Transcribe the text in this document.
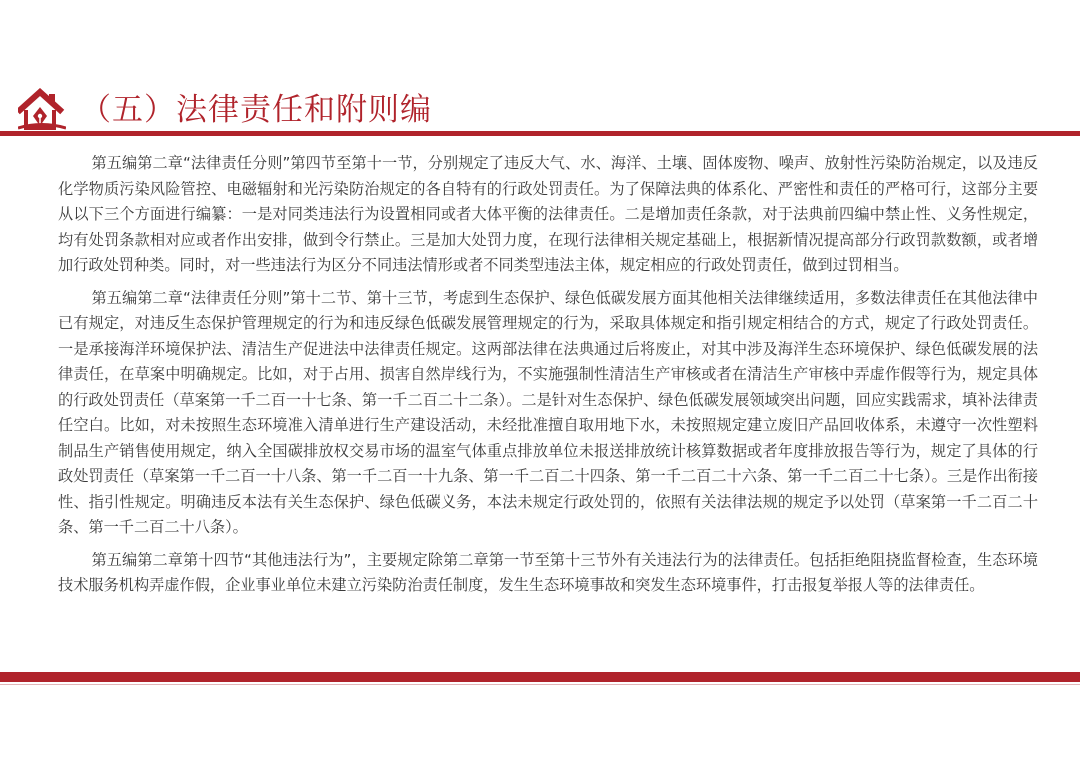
（五）法律责任和附则编

第五编第二章“法律责任分则”第四节至第十一节，分别规定了违反大气、水、海洋、土壤、固体废物、噪声、放射性污染防治规定，以及违反化学物质污染风险管控、电磁辐射和光污染防治规定的各自特有的行政处罚责任。为了保障法典的体系化、严密性和责任的严格可行，这部分主要从以下三个方面进行编纂：一是对同类违法行为设置相同或者大体平衡的法律责任。二是增加责任条款，对于法典前四编中禁止性、义务性规定，均有处罚条款相对应或者作出安排，做到令行禁止。三是加大处罚力度，在现行法律相关规定基础上，根据新情况提高部分行政罚款数额，或者增加行政处罚种类。同时，对一些违法行为区分不同违法情形或者不同类型违法主体，规定相应的行政处罚责任，做到过罚相当。

第五编第二章“法律责任分则”第十二节、第十三节，考虑到生态保护、绿色低碳发展方面其他相关法律继续适用，多数法律责任在其他法律中已有规定，对违反生态保护管理规定的行为和违反绿色低碳发展管理规定的行为，采取具体规定和指引规定相结合的方式，规定了行政处罚责任。一是承接海洋环境保护法、清洁生产促进法中法律责任规定。这两部法律在法典通过后将废止，对其中涉及海洋生态环境保护、绿色低碳发展的法律责任，在草案中明确规定。比如，对于占用、损害自然岸线行为，不实施强制性清洁生产审核或者在清洁生产审核中弄虚作假等行为，规定具体的行政处罚责任（草案第一千二百一十七条、第一千二百二十二条）。二是针对生态保护、绿色低碳发展领域突出问题，回应实践需求，填补法律责任空白。比如，对未按照生态环境准入清单进行生产建设活动，未经批准擅自取用地下水，未按照规定建立废旧产品回收体系，未遵守一次性塑料制品生产销售使用规定，纳入全国碳排放权交易市场的温室气体重点排放单位未报送排放统计核算数据或者年度排放报告等行为，规定了具体的行政处罚责任（草案第一千二百一十八条、第一千二百一十九条、第一千二百二十四条、第一千二百二十六条、第一千二百二十七条）。三是作出衔接性、指引性规定。明确违反本法有关生态保护、绿色低碳义务，本法未规定行政处罚的，依照有关法律法规的规定予以处罚（草案第一千二百二十条、第一千二百二十八条）。

第五编第二章第十四节“其他违法行为”，主要规定除第二章第一节至第十三节外有关违法行为的法律责任。包括拒绝阻挠监督检查，生态环境技术服务机构弄虚作假，企业事业单位未建立污染防治责任制度，发生生态环境事故和突发生态环境事件，打击报复举报人等的法律责任。
